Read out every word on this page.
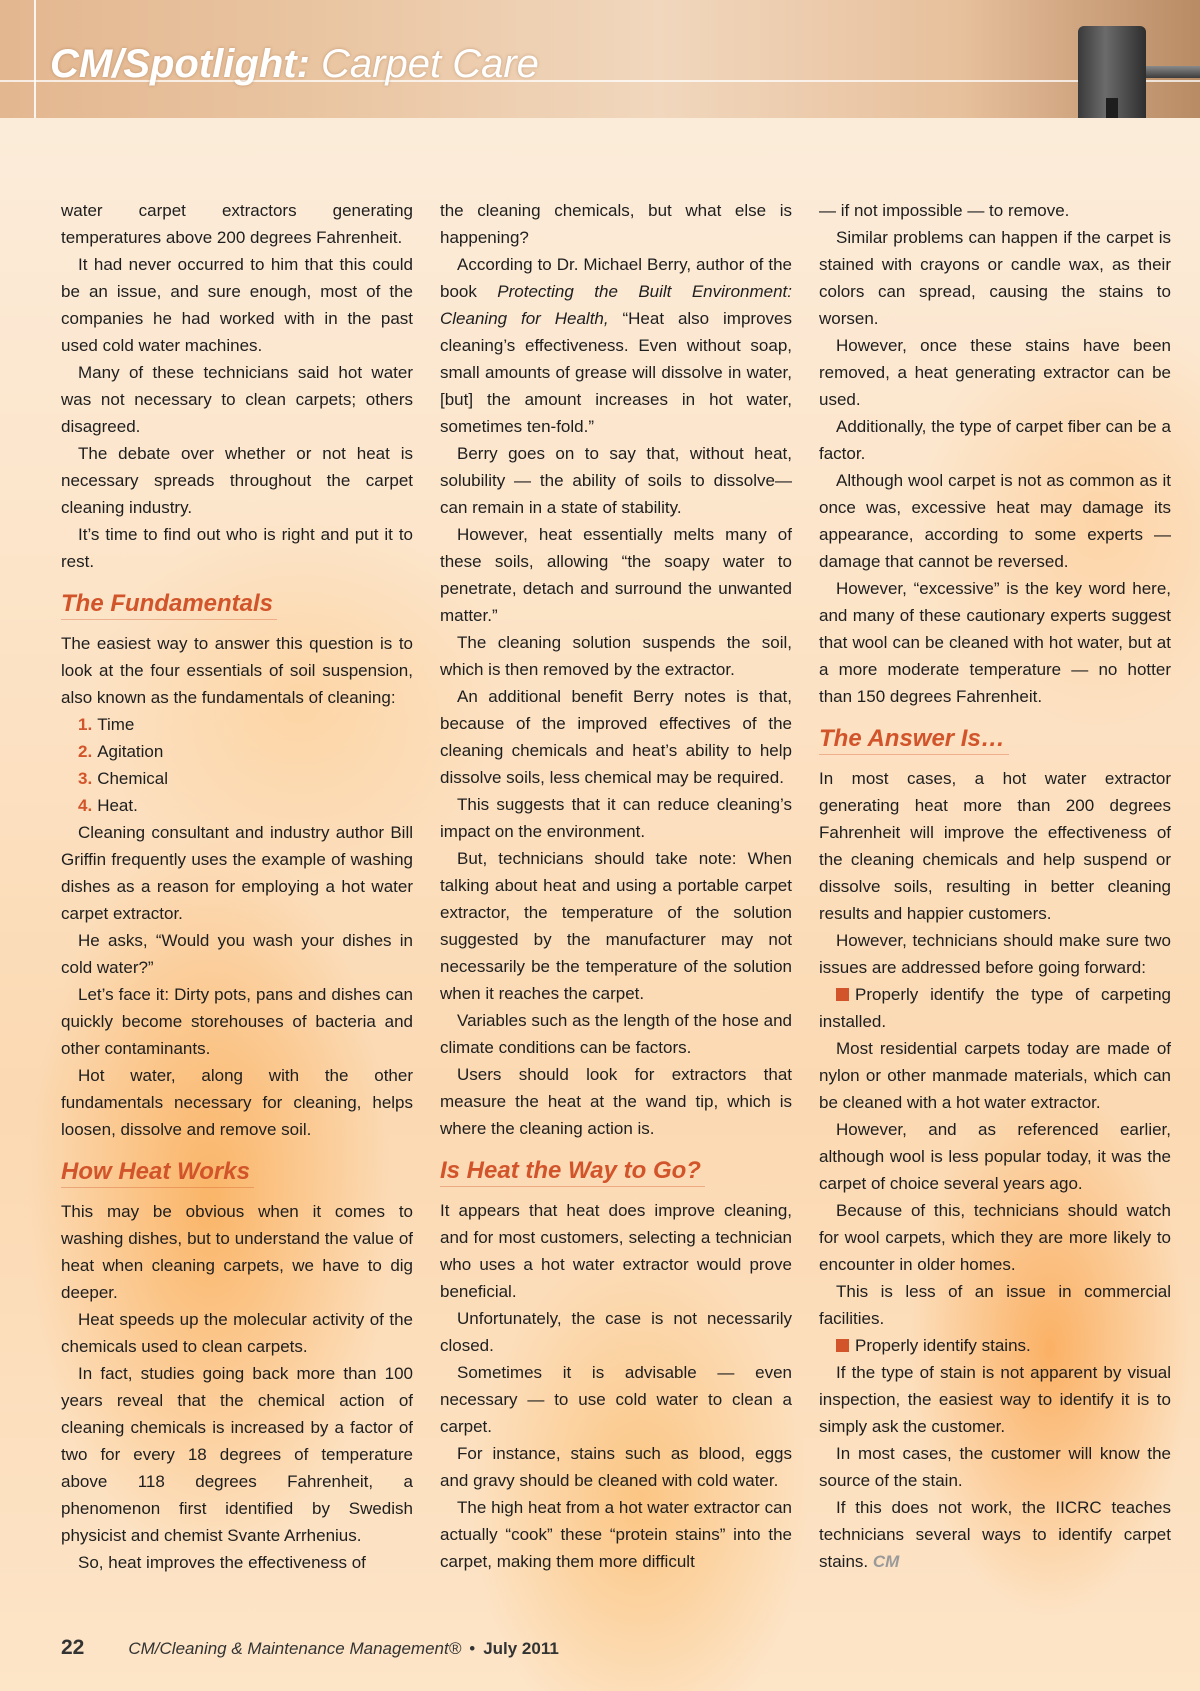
CM/Spotlight: Carpet Care

water carpet extractors generating temperatures above 200 degrees Fahrenheit.

It had never occurred to him that this could be an issue, and sure enough, most of the companies he had worked with in the past used cold water machines.

Many of these technicians said hot water was not necessary to clean carpets; others disagreed.

The debate over whether or not heat is necessary spreads throughout the carpet cleaning industry.

It’s time to find out who is right and put it to rest.

The Fundamentals

The easiest way to answer this question is to look at the four essentials of soil suspension, also known as the fundamentals of cleaning:

1. Time
2. Agitation
3. Chemical
4. Heat.

Cleaning consultant and industry author Bill Griffin frequently uses the example of washing dishes as a reason for employing a hot water carpet extractor.

He asks, “Would you wash your dishes in cold water?”

Let’s face it: Dirty pots, pans and dishes can quickly become storehouses of bacteria and other contaminants.

Hot water, along with the other fundamentals necessary for cleaning, helps loosen, dissolve and remove soil.

How Heat Works

This may be obvious when it comes to washing dishes, but to understand the value of heat when cleaning carpets, we have to dig deeper.

Heat speeds up the molecular activity of the chemicals used to clean carpets.

In fact, studies going back more than 100 years reveal that the chemical action of cleaning chemicals is increased by a factor of two for every 18 degrees of temperature above 118 degrees Fahrenheit, a phenomenon first identified by Swedish physicist and chemist Svante Arrhenius.

So, heat improves the effectiveness of

the cleaning chemicals, but what else is happening?

According to Dr. Michael Berry, author of the book Protecting the Built Environment: Cleaning for Health, “Heat also improves cleaning’s effectiveness. Even without soap, small amounts of grease will dissolve in water, [but] the amount increases in hot water, sometimes ten-fold.”

Berry goes on to say that, without heat, solubility — the ability of soils to dissolve— can remain in a state of stability.

However, heat essentially melts many of these soils, allowing “the soapy water to penetrate, detach and surround the unwanted matter.”

The cleaning solution suspends the soil, which is then removed by the extractor.

An additional benefit Berry notes is that, because of the improved effectives of the cleaning chemicals and heat’s ability to help dissolve soils, less chemical may be required.

This suggests that it can reduce cleaning’s impact on the environment.

But, technicians should take note: When talking about heat and using a portable carpet extractor, the temperature of the solution suggested by the manufacturer may not necessarily be the temperature of the solution when it reaches the carpet.

Variables such as the length of the hose and climate conditions can be factors.

Users should look for extractors that measure the heat at the wand tip, which is where the cleaning action is.

Is Heat the Way to Go?

It appears that heat does improve cleaning, and for most customers, selecting a technician who uses a hot water extractor would prove beneficial.

Unfortunately, the case is not necessarily closed.

Sometimes it is advisable — even necessary — to use cold water to clean a carpet.

For instance, stains such as blood, eggs and gravy should be cleaned with cold water.

The high heat from a hot water extractor can actually “cook” these “protein stains” into the carpet, making them more difficult

— if not impossible — to remove.

Similar problems can happen if the carpet is stained with crayons or candle wax, as their colors can spread, causing the stains to worsen.

However, once these stains have been removed, a heat generating extractor can be used.

Additionally, the type of carpet fiber can be a factor.

Although wool carpet is not as common as it once was, excessive heat may damage its appearance, according to some experts — damage that cannot be reversed.

However, “excessive” is the key word here, and many of these cautionary experts suggest that wool can be cleaned with hot water, but at a more moderate temperature — no hotter than 150 degrees Fahrenheit.

The Answer Is…

In most cases, a hot water extractor generating heat more than 200 degrees Fahrenheit will improve the effectiveness of the cleaning chemicals and help suspend or dissolve soils, resulting in better cleaning results and happier customers.

However, technicians should make sure two issues are addressed before going forward:

Properly identify the type of carpeting installed.

Most residential carpets today are made of nylon or other manmade materials, which can be cleaned with a hot water extractor.

However, and as referenced earlier, although wool is less popular today, it was the carpet of choice several years ago.

Because of this, technicians should watch for wool carpets, which they are more likely to encounter in older homes.

This is less of an issue in commercial facilities.

Properly identify stains.

If the type of stain is not apparent by visual inspection, the easiest way to identify it is to simply ask the customer.

In most cases, the customer will know the source of the stain.

If this does not work, the IICRC teaches technicians several ways to identify carpet stains. CM

22	CM/Cleaning & Maintenance Management® • July 2011
